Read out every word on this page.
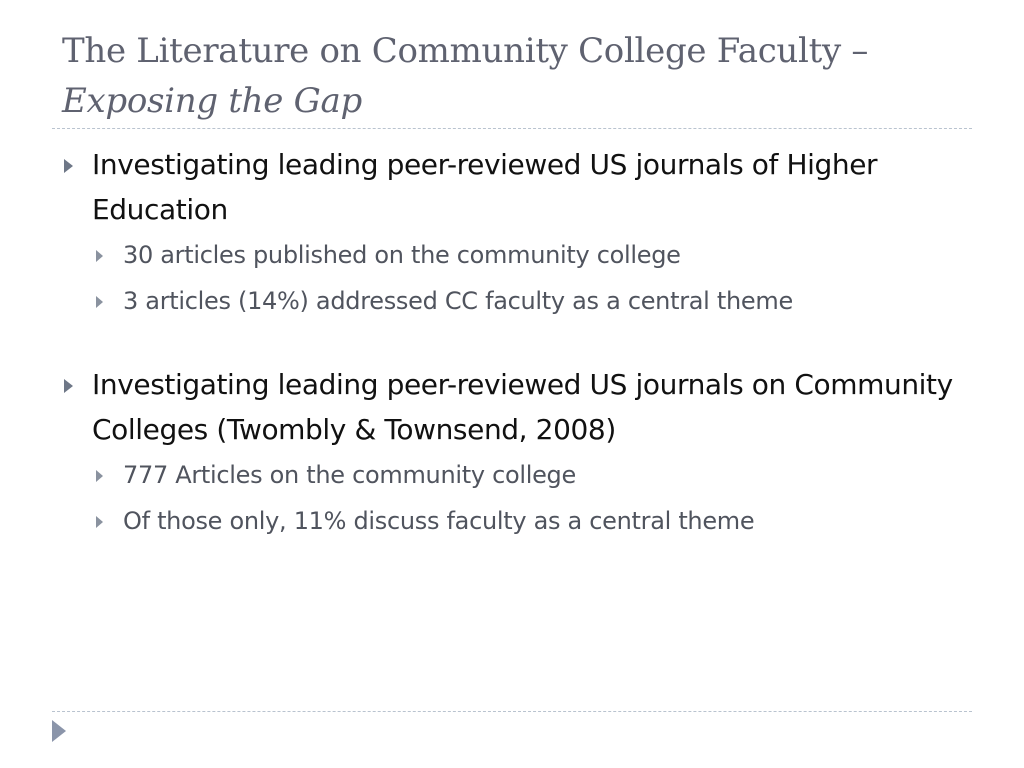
The Literature on Community College Faculty – Exposing the Gap
Investigating leading peer-reviewed US journals of Higher Education
30 articles published on the community college
3 articles (14%) addressed CC faculty as a central theme
Investigating leading peer-reviewed US journals on Community Colleges (Twombly & Townsend, 2008)
777 Articles on the community college
Of those only, 11% discuss faculty as a central theme
